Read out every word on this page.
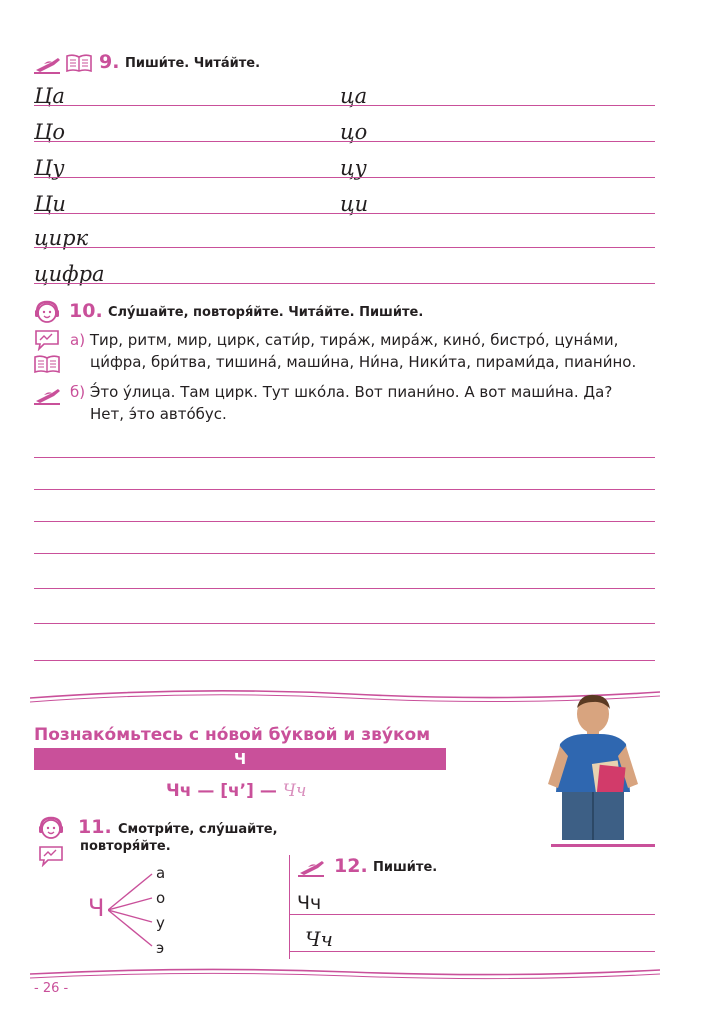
9. Пиши́те. Чита́йте.
Ца
Цо
Цу
Ци
цирк
цифра
ца
цо
цу
ци
10. Слу́шайте, повторя́йте. Чита́йте. Пиши́те.
а) Тир, ритм, мир, цирк, сати́р, тира́ж, мира́ж, кино́, бистро́, цуна́ми,
ци́фра, бри́тва, тишина́, маши́на, Ни́на, Ники́та, пирами́да, пиани́но.
б) Э́то у́лица. Там цирк. Тут шко́ла. Вот пиани́но. А вот маши́на. Да?
Нет, э́то авто́бус.
Познако́мьтесь с но́вой бу́квой и зву́ком
Ч
Чч — [ч’] — Чч
11. Смотри́те, слу́шайте,
повторя́йте.
Ч
а
о
у
э
12. Пиши́те.
Чч
Чч
- 26 -
